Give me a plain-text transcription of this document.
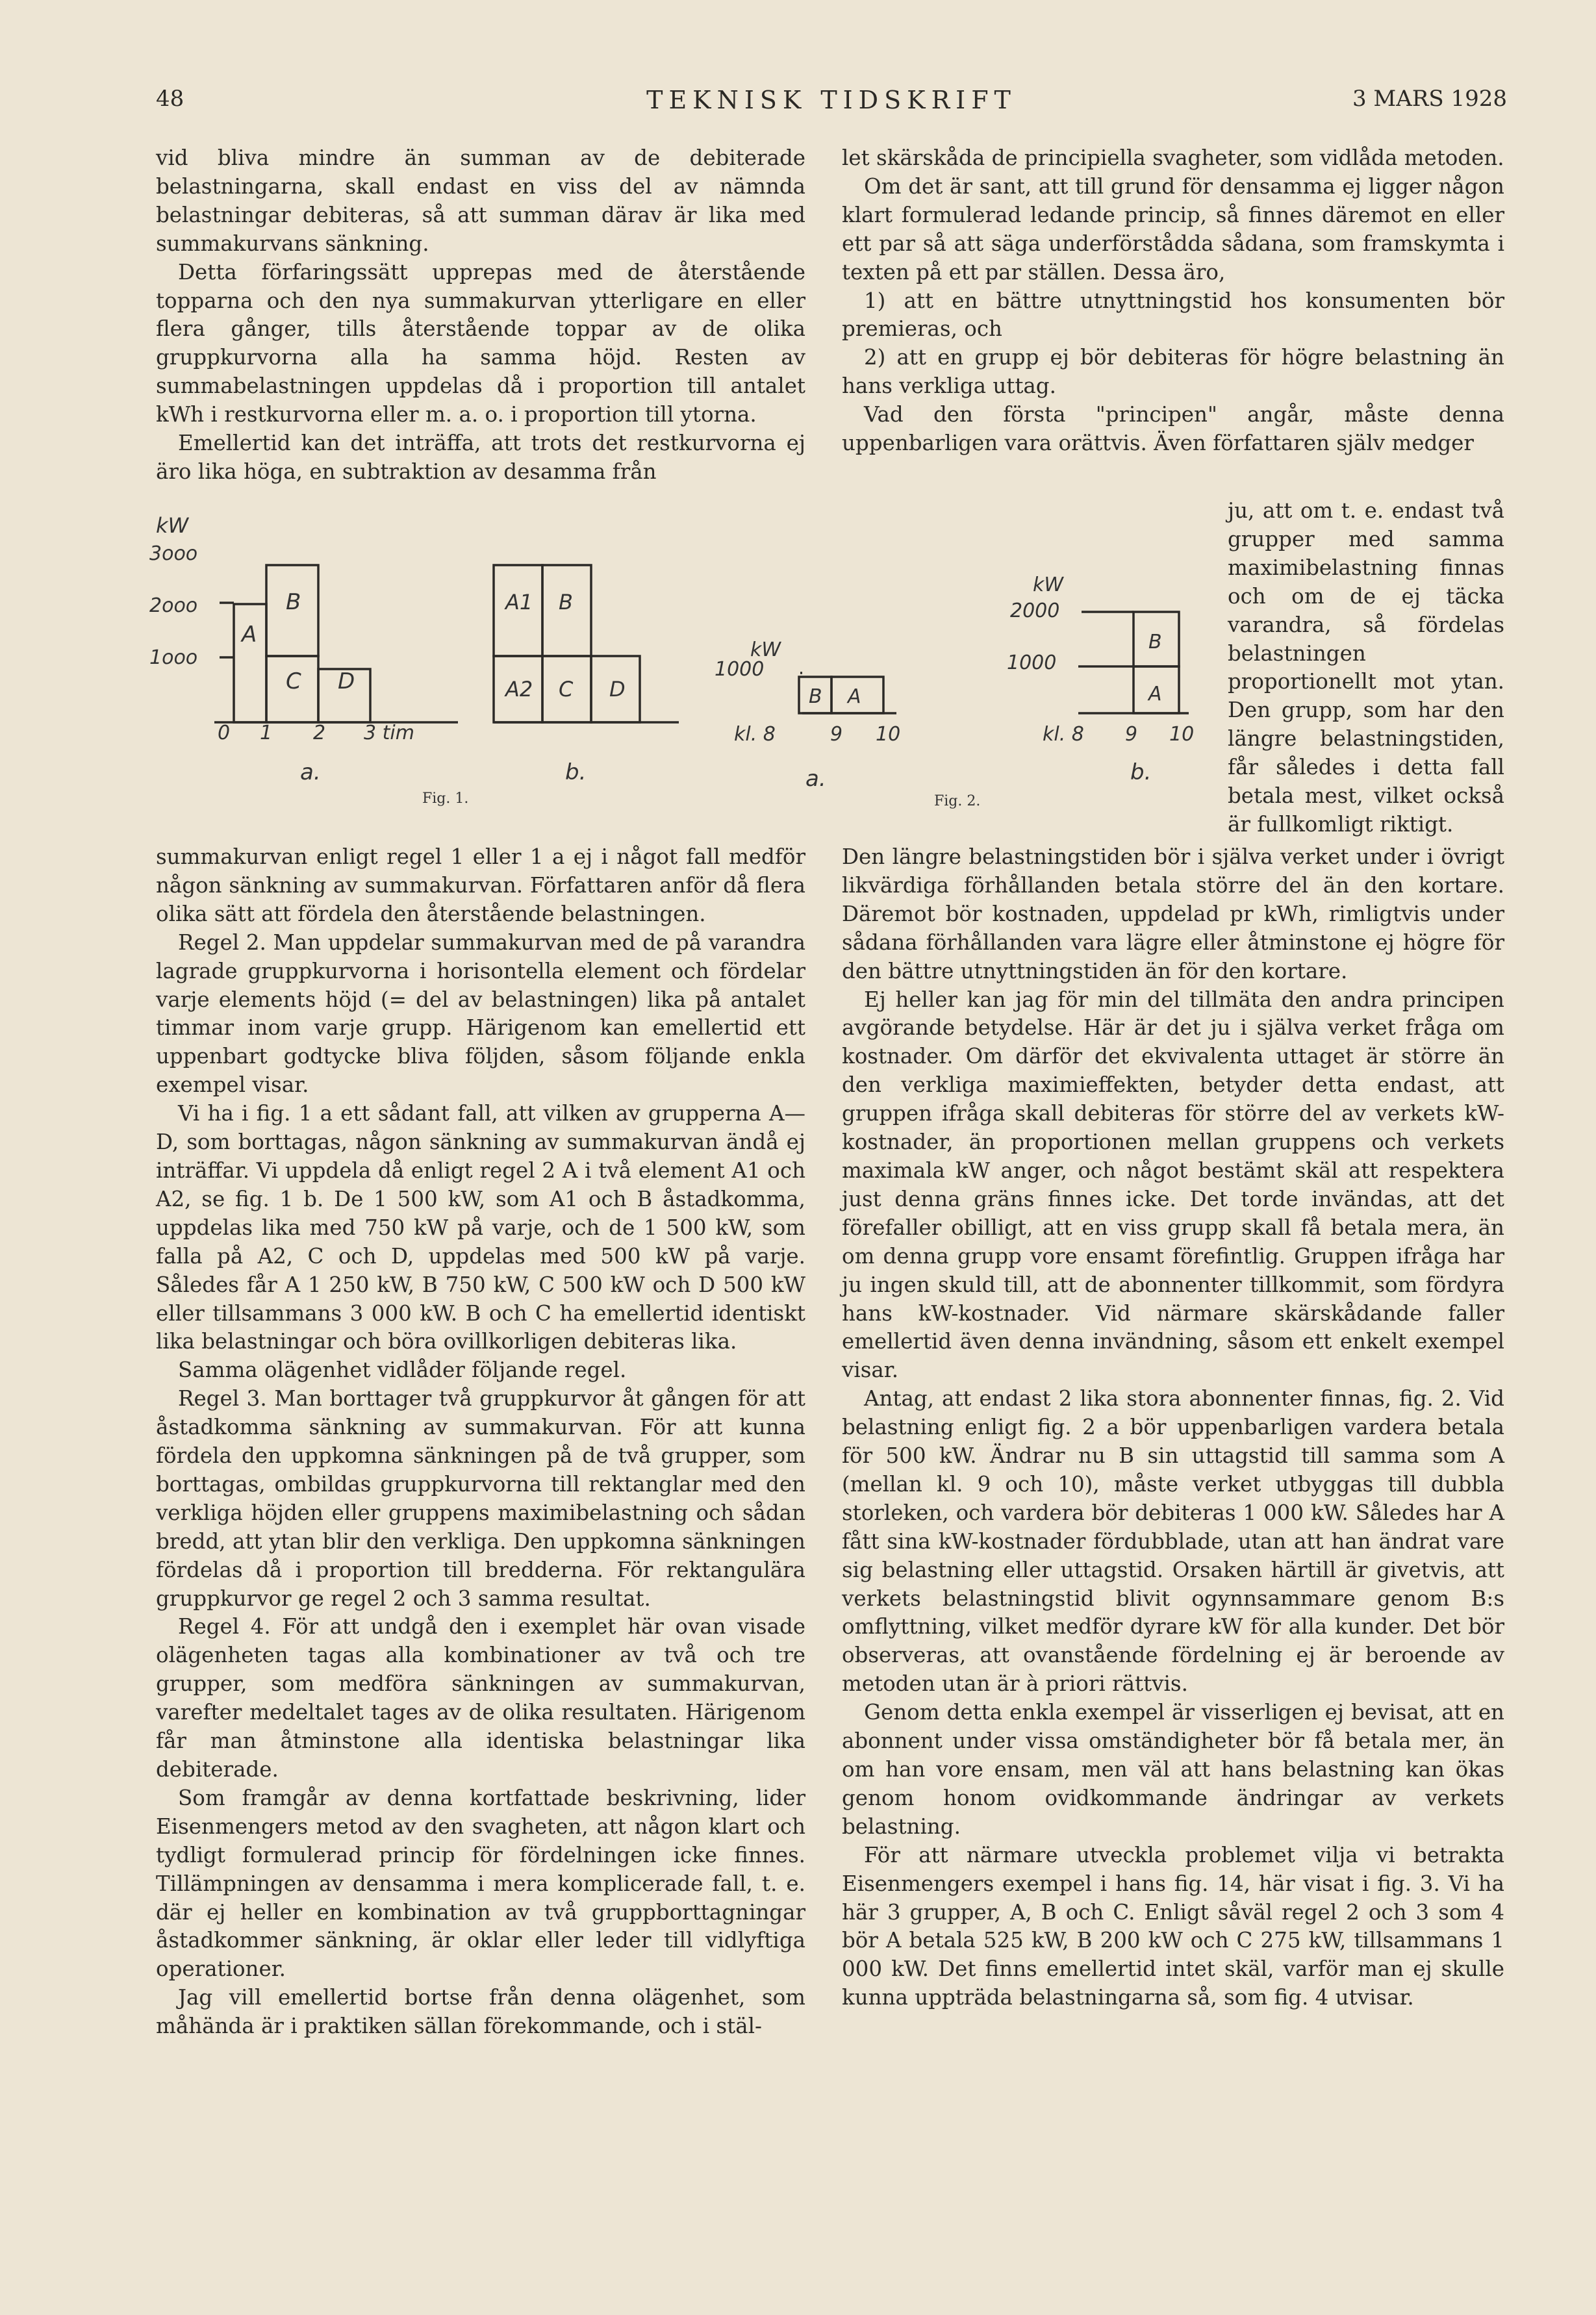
48	TEKNISK TIDSKRIFT	3 MARS 1928

vid bliva mindre än summan av de debiterade belastningarna, skall endast en viss del av nämnda belastningar debiteras, så att summan därav är lika med summakurvans sänkning.

Detta förfaringssätt upprepas med de återstående topparna och den nya summakurvan ytterligare en eller flera gånger, tills återstående toppar av de olika gruppkurvorna alla ha samma höjd. Resten av summabelastningen uppdelas då i proportion till antalet kWh i restkurvorna eller m. a. o. i proportion till ytorna.

Emellertid kan det inträffa, att trots det restkurvorna ej äro lika höga, en subtraktion av desamma från

kW
3ooo
2ooo
1ooo
A
B
C D
0 1 2 3 tim
a.
A1 B
A2 C D
b.
Fig. 1.
kW
1000
B A
kl. 8	9 10
a.
kW
2000
1000
B
A
kl. 8 9 10
b.
Fig. 2.

summakurvan enligt regel 1 eller 1 a ej i något fall medför någon sänkning av summakurvan. Författaren anför då flera olika sätt att fördela den återstående belastningen.

Regel 2. Man uppdelar summakurvan med de på varandra lagrade gruppkurvorna i horisontella element och fördelar varje elements höjd (= del av belastningen) lika på antalet timmar inom varje grupp. Härigenom kan emellertid ett uppenbart godtycke bliva följden, såsom följande enkla exempel visar.

Vi ha i fig. 1 a ett sådant fall, att vilken av grupperna A—D, som borttagas, någon sänkning av summakurvan ändå ej inträffar. Vi uppdela då enligt regel 2 A i två element A1 och A2, se fig. 1 b. De 1 500 kW, som A1 och B åstadkomma, uppdelas lika med 750 kW på varje, och de 1 500 kW, som falla på A2, C och D, uppdelas med 500 kW på varje. Således får A 1 250 kW, B 750 kW, C 500 kW och D 500 kW eller tillsammans 3 000 kW. B och C ha emellertid identiskt lika belastningar och böra ovillkorligen debiteras lika.

Samma olägenhet vidlåder följande regel.

Regel 3. Man borttager två gruppkurvor åt gången för att åstadkomma sänkning av summakurvan. För att kunna fördela den uppkomna sänkningen på de två grupper, som borttagas, ombildas gruppkurvorna till rektanglar med den verkliga höjden eller gruppens maximibelastning och sådan bredd, att ytan blir den verkliga. Den uppkomna sänkningen fördelas då i proportion till bredderna. För rektangulära gruppkurvor ge regel 2 och 3 samma resultat.

Regel 4. För att undgå den i exemplet här ovan visade olägenheten tagas alla kombinationer av två och tre grupper, som medföra sänkningen av summakurvan, varefter medeltalet tages av de olika resultaten. Härigenom får man åtminstone alla identiska belastningar lika debiterade.

Som framgår av denna kortfattade beskrivning, lider Eisenmengers metod av den svagheten, att någon klart och tydligt formulerad princip för fördelningen icke finnes. Tillämpningen av densamma i mera komplicerade fall, t. e. där ej heller en kombination av två gruppborttagningar åstadkommer sänkning, är oklar eller leder till vidlyftiga operationer.

Jag vill emellertid bortse från denna olägenhet, som måhända är i praktiken sällan förekommande, och i stäl-

let skärskåda de principiella svagheter, som vidlåda metoden.

Om det är sant, att till grund för densamma ej ligger någon klart formulerad ledande princip, så finnes däremot en eller ett par så att säga underförstådda sådana, som framskymta i texten på ett par ställen. Dessa äro,

1) att en bättre utnyttningstid hos konsumenten bör premieras, och

2) att en grupp ej bör debiteras för högre belastning än hans verkliga uttag.

Vad den första "principen" angår, måste denna uppenbarligen vara orättvis. Även författaren själv medger

ju, att om t. e. endast två grupper med samma maximibelastning finnas och om de ej täcka varandra, så fördelas belastningen proportionellt mot ytan. Den grupp, som har den längre belastningstiden, får således i detta fall betala mest, vilket också är fullkomligt riktigt.

Den längre belastningstiden bör i själva verket under i övrigt likvärdiga förhållanden betala större del än den kortare. Däremot bör kostnaden, uppdelad pr kWh, rimligtvis under sådana förhållanden vara lägre eller åtminstone ej högre för den bättre utnyttningstiden än för den kortare.

Ej heller kan jag för min del tillmäta den andra principen avgörande betydelse. Här är det ju i själva verket fråga om kostnader. Om därför det ekvivalenta uttaget är större än den verkliga maximieffekten, betyder detta endast, att gruppen ifråga skall debiteras för större del av verkets kW-kostnader, än proportionen mellan gruppens och verkets maximala kW anger, och något bestämt skäl att respektera just denna gräns finnes icke. Det torde invändas, att det förefaller obilligt, att en viss grupp skall få betala mera, än om denna grupp vore ensamt förefintlig. Gruppen ifråga har ju ingen skuld till, att de abonnenter tillkommit, som fördyra hans kW-kostnader. Vid närmare skärskådande faller emellertid även denna invändning, såsom ett enkelt exempel visar.

Antag, att endast 2 lika stora abonnenter finnas, fig. 2. Vid belastning enligt fig. 2 a bör uppenbarligen vardera betala för 500 kW. Ändrar nu B sin uttagstid till samma som A (mellan kl. 9 och 10), måste verket utbyggas till dubbla storleken, och vardera bör debiteras 1 000 kW. Således har A fått sina kW-kostnader fördubblade, utan att han ändrat vare sig belastning eller uttagstid. Orsaken härtill är givetvis, att verkets belastningstid blivit ogynnsammare genom B:s omflyttning, vilket medför dyrare kW för alla kunder. Det bör observeras, att ovanstående fördelning ej är beroende av metoden utan är à priori rättvis.

Genom detta enkla exempel är visserligen ej bevisat, att en abonnent under vissa omständigheter bör få betala mer, än om han vore ensam, men väl att hans belastning kan ökas genom honom ovidkommande ändringar av verkets belastning.

För att närmare utveckla problemet vilja vi betrakta Eisenmengers exempel i hans fig. 14, här visat i fig. 3. Vi ha här 3 grupper, A, B och C. Enligt såväl regel 2 och 3 som 4 bör A betala 525 kW, B 200 kW och C 275 kW, tillsammans 1 000 kW. Det finns emellertid intet skäl, varför man ej skulle kunna uppträda belastningarna så, som fig. 4 utvisar.
